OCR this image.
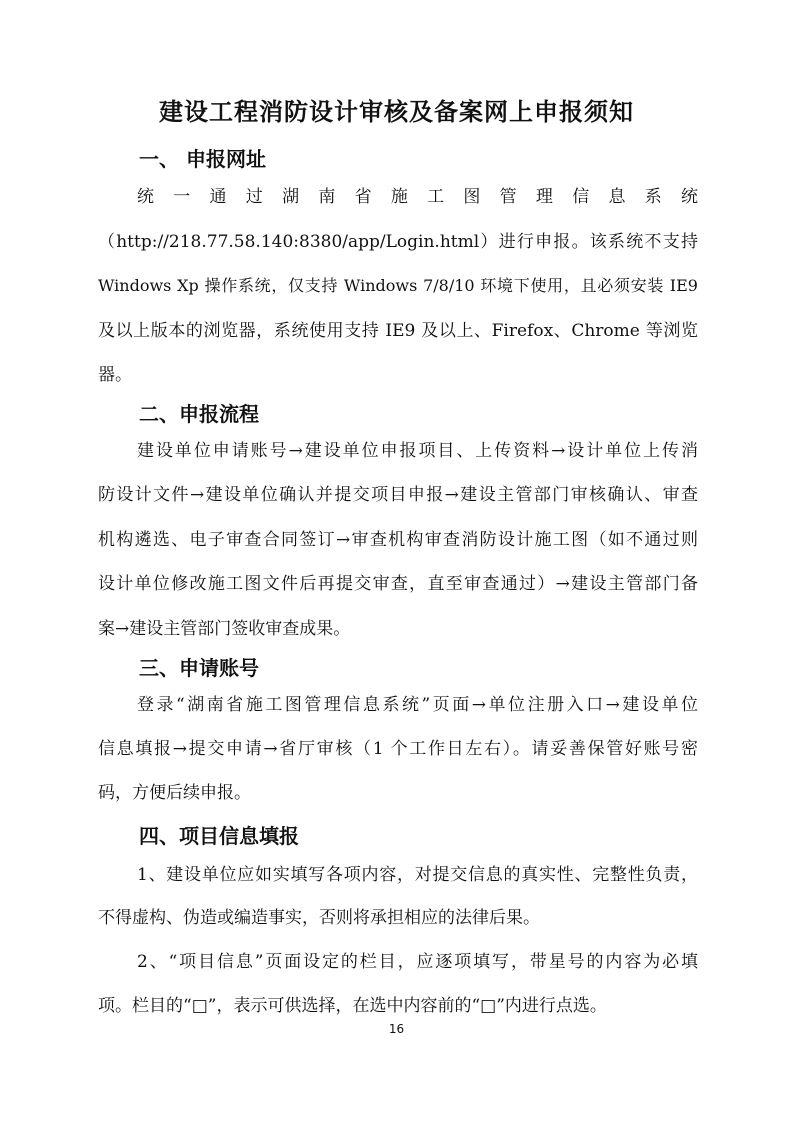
建设工程消防设计审核及备案网上申报须知
一、 申报网址
统一通过湖南省施工图管理信息系统
（http://218.77.58.140:8380/app/Login.html）进行申报。该系统不支持
Windows Xp 操作系统，仅支持 Windows 7/8/10 环境下使用，且必须安装 IE9
及以上版本的浏览器，系统使用支持 IE9 及以上、Firefox、Chrome 等浏览
器。
二、申报流程
建设单位申请账号→建设单位申报项目、上传资料→设计单位上传消
防设计文件→建设单位确认并提交项目申报→建设主管部门审核确认、审查
机构遴选、电子审查合同签订→审查机构审查消防设计施工图（如不通过则
设计单位修改施工图文件后再提交审查，直至审查通过）→建设主管部门备
案→建设主管部门签收审查成果。
三、申请账号
登录“湖南省施工图管理信息系统”页面→单位注册入口→建设单位
信息填报→提交申请→省厅审核（1 个工作日左右）。请妥善保管好账号密
码，方便后续申报。
四、项目信息填报
1、建设单位应如实填写各项内容，对提交信息的真实性、完整性负责，
不得虚构、伪造或编造事实，否则将承担相应的法律后果。
2、“项目信息”页面设定的栏目，应逐项填写，带星号的内容为必填
项。栏目的“□”，表示可供选择，在选中内容前的“□”内进行点选。
16
